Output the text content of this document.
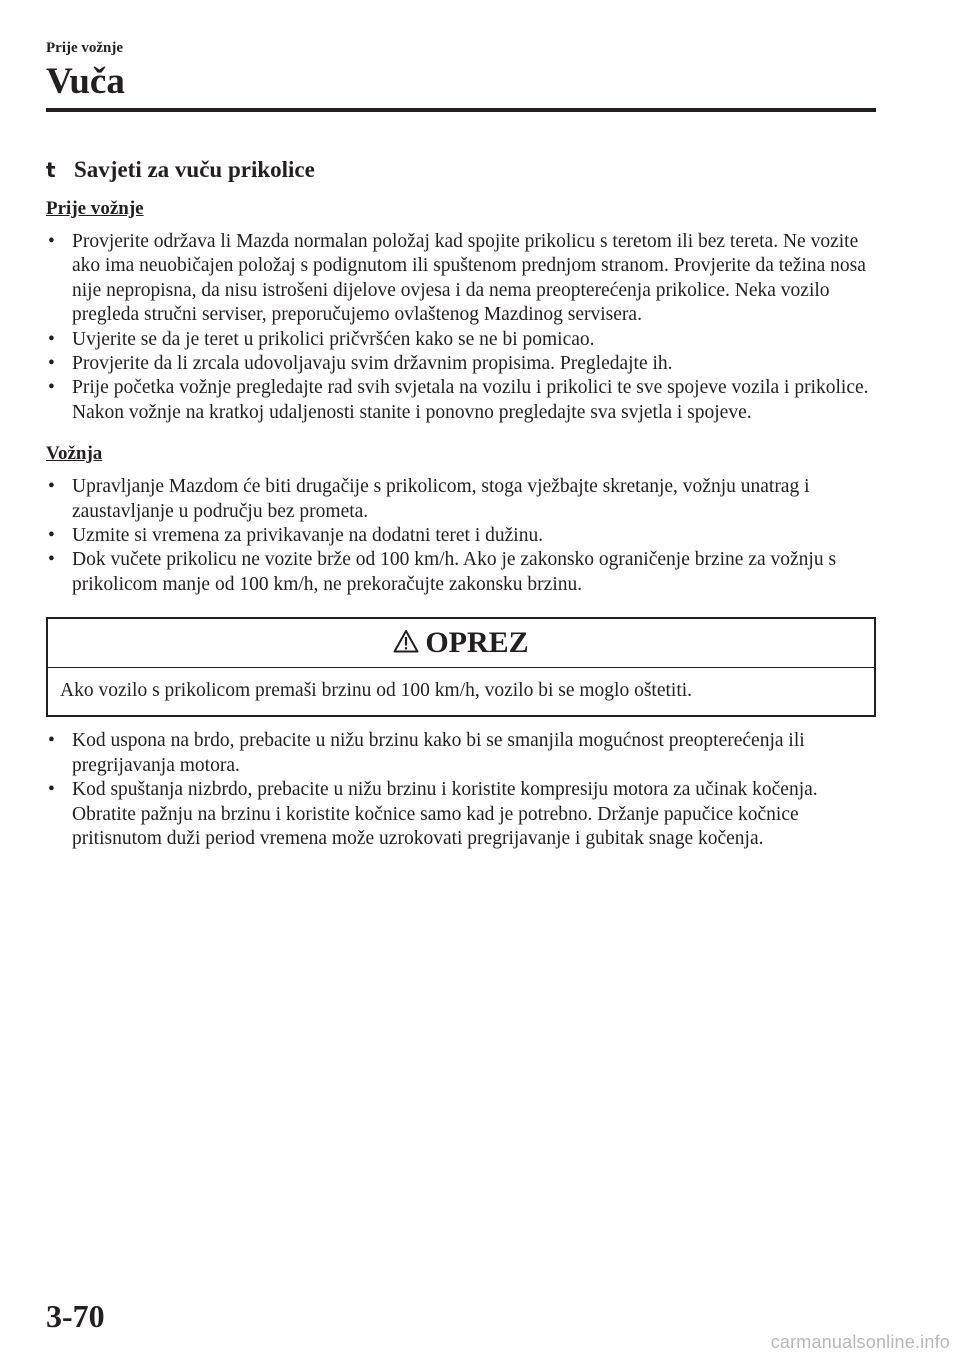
Prije vožnje
Vuča
t Savjeti za vuču prikolice
Prije vožnje
• Provjerite održava li Mazda normalan položaj kad spojite prikolicu s teretom ili bez tereta. Ne vozite ako ima neuobičajen položaj s podignutom ili spuštenom prednjom stranom. Provjerite da težina nosa nije nepropisna, da nisu istrošeni dijelove ovjesa i da nema preopterećenja prikolice. Neka vozilo pregleda stručni serviser, preporučujemo ovlaštenog Mazdinog servisera.
• Uvjerite se da je teret u prikolici pričvršćen kako se ne bi pomicao.
• Provjerite da li zrcala udovoljavaju svim državnim propisima. Pregledajte ih.
• Prije početka vožnje pregledajte rad svih svjetala na vozilu i prikolici te sve spojeve vozila i prikolice. Nakon vožnje na kratkoj udaljenosti stanite i ponovno pregledajte sva svjetla i spojeve.
Vožnja
• Upravljanje Mazdom će biti drugačije s prikolicom, stoga vježbajte skretanje, vožnju unatrag i zaustavljanje u području bez prometa.
• Uzmite si vremena za privikavanje na dodatni teret i dužinu.
• Dok vučete prikolicu ne vozite brže od 100 km/h. Ako je zakonsko ograničenje brzine za vožnju s prikolicom manje od 100 km/h, ne prekoračujte zakonsku brzinu.
OPREZ
Ako vozilo s prikolicom premaši brzinu od 100 km/h, vozilo bi se moglo oštetiti.
• Kod uspona na brdo, prebacite u nižu brzinu kako bi se smanjila mogućnost preopterećenja ili pregrijavanja motora.
• Kod spuštanja nizbrdo, prebacite u nižu brzinu i koristite kompresiju motora za učinak kočenja. Obratite pažnju na brzinu i koristite kočnice samo kad je potrebno. Držanje papučice kočnice pritisnutom duži period vremena može uzrokovati pregrijavanje i gubitak snage kočenja.
3-70
carmanualsonline.info
